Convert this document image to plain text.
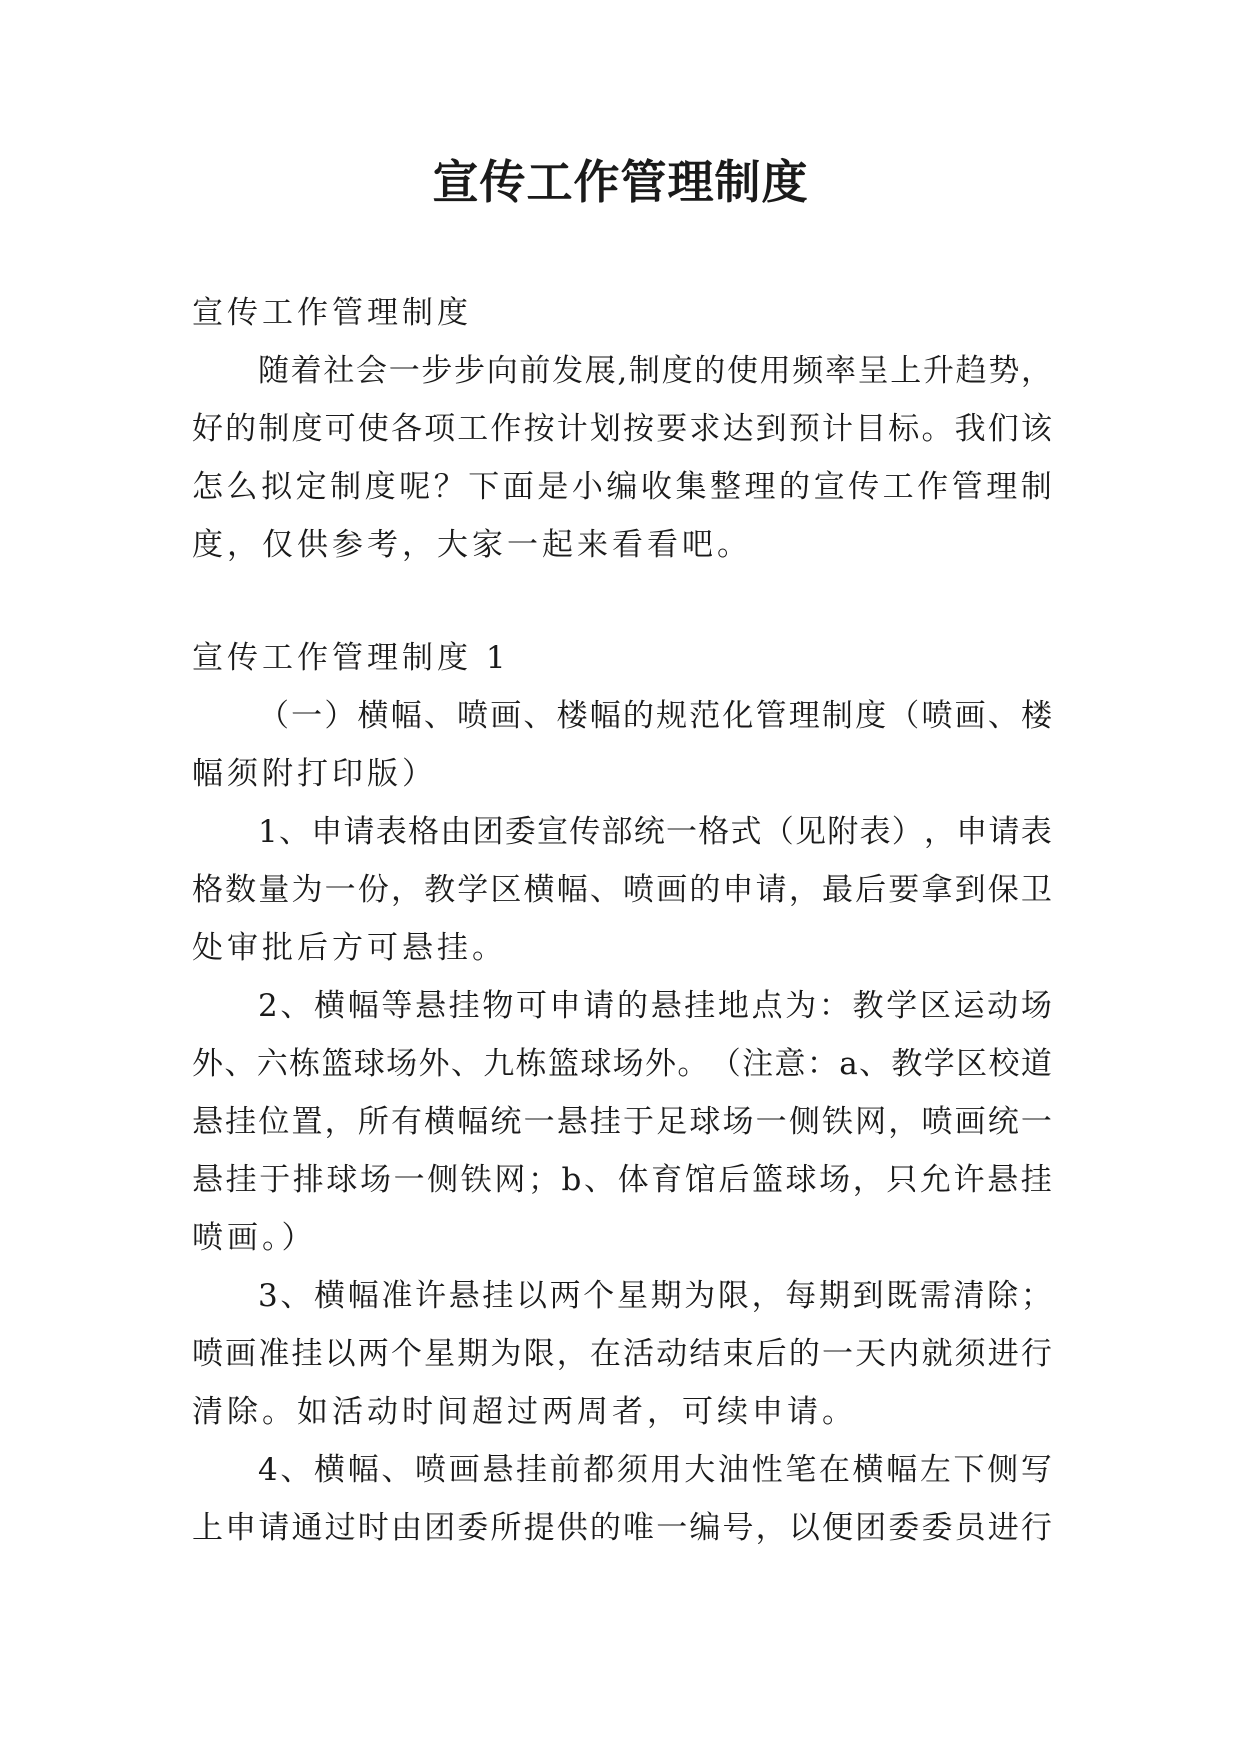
宣传工作管理制度
宣传工作管理制度
随 着 社 会 一 步 步 向 前 发 展 , 制 度 的 使 用 频 率 呈 上 升 趋 势 ，
好 的 制 度 可 使 各 项 工 作 按 计 划 按 要 求 达 到 预 计 目 标 。 我 们 该
怎 么 拟 定 制 度 呢 ？ 下 面 是 小 编 收 集 整 理 的 宣 传 工 作 管 理 制
度，仅供参考，大家一起来看看吧。
宣传工作管理制度 1
（ 一 ） 横 幅 、 喷 画 、 楼 幅 的 规 范 化 管 理 制 度 （ 喷 画 、 楼
幅须附打印版）
1 、 申 请 表 格 由 团 委 宣 传 部 统 一 格 式 （ 见 附 表 ） ， 申 请 表
格 数 量 为 一 份 ， 教 学 区 横 幅 、 喷 画 的 申 请 ， 最 后 要 拿 到 保 卫
处审批后方可悬挂。
2 、 横 幅 等 悬 挂 物 可 申 请 的 悬 挂 地 点 为 ： 教 学 区 运 动 场
外 、 六 栋 篮 球 场 外 、 九 栋 篮 球 场 外 。 （ 注 意 ： a 、 教 学 区 校 道
悬 挂 位 置 ， 所 有 横 幅 统 一 悬 挂 于 足 球 场 一 侧 铁 网 ， 喷 画 统 一
悬 挂 于 排 球 场 一 侧 铁 网 ； b 、 体 育 馆 后 篮 球 场 ， 只 允 许 悬 挂
喷画。）
3 、 横 幅 准 许 悬 挂 以 两 个 星 期 为 限 ， 每 期 到 既 需 清 除 ；
喷 画 准 挂 以 两 个 星 期 为 限 ， 在 活 动 结 束 后 的 一 天 内 就 须 进 行
清除。如活动时间超过两周者，可续申请。
4 、 横 幅 、 喷 画 悬 挂 前 都 须 用 大 油 性 笔 在 横 幅 左 下 侧 写
上 申 请 通 过 时 由 团 委 所 提 供 的 唯 一 编 号 ， 以 便 团 委 委 员 进 行
